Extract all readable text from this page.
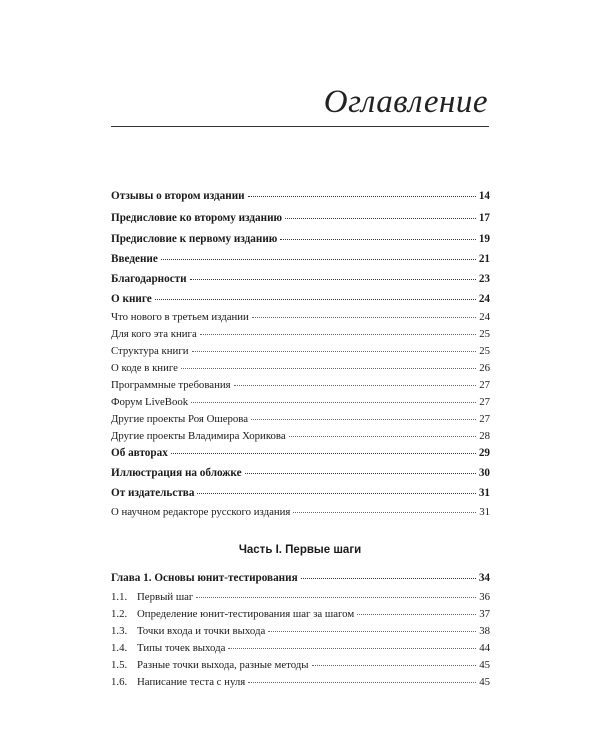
Оглавление
Отзывы о втором издании	14
Предисловие ко второму изданию	17
Предисловие к первому изданию	19
Введение	21
Благодарности	23
О книге	24
Что нового в третьем издании	24
Для кого эта книга	25
Структура книги	25
О коде в книге	26
Программные требования	27
Форум LiveBook	27
Другие проекты Роя Ошерова	27
Другие проекты Владимира Хорикова	28
Об авторах	29
Иллюстрация на обложке	30
От издательства	31
О научном редакторе русского издания	31
Часть I. Первые шаги
Глава 1. Основы юнит-тестирования	34
1.1. Первый шаг	36
1.2. Определение юнит-тестирования шаг за шагом	37
1.3. Точки входа и точки выхода	38
1.4. Типы точек выхода	44
1.5. Разные точки выхода, разные методы	45
1.6. Написание теста с нуля	45
